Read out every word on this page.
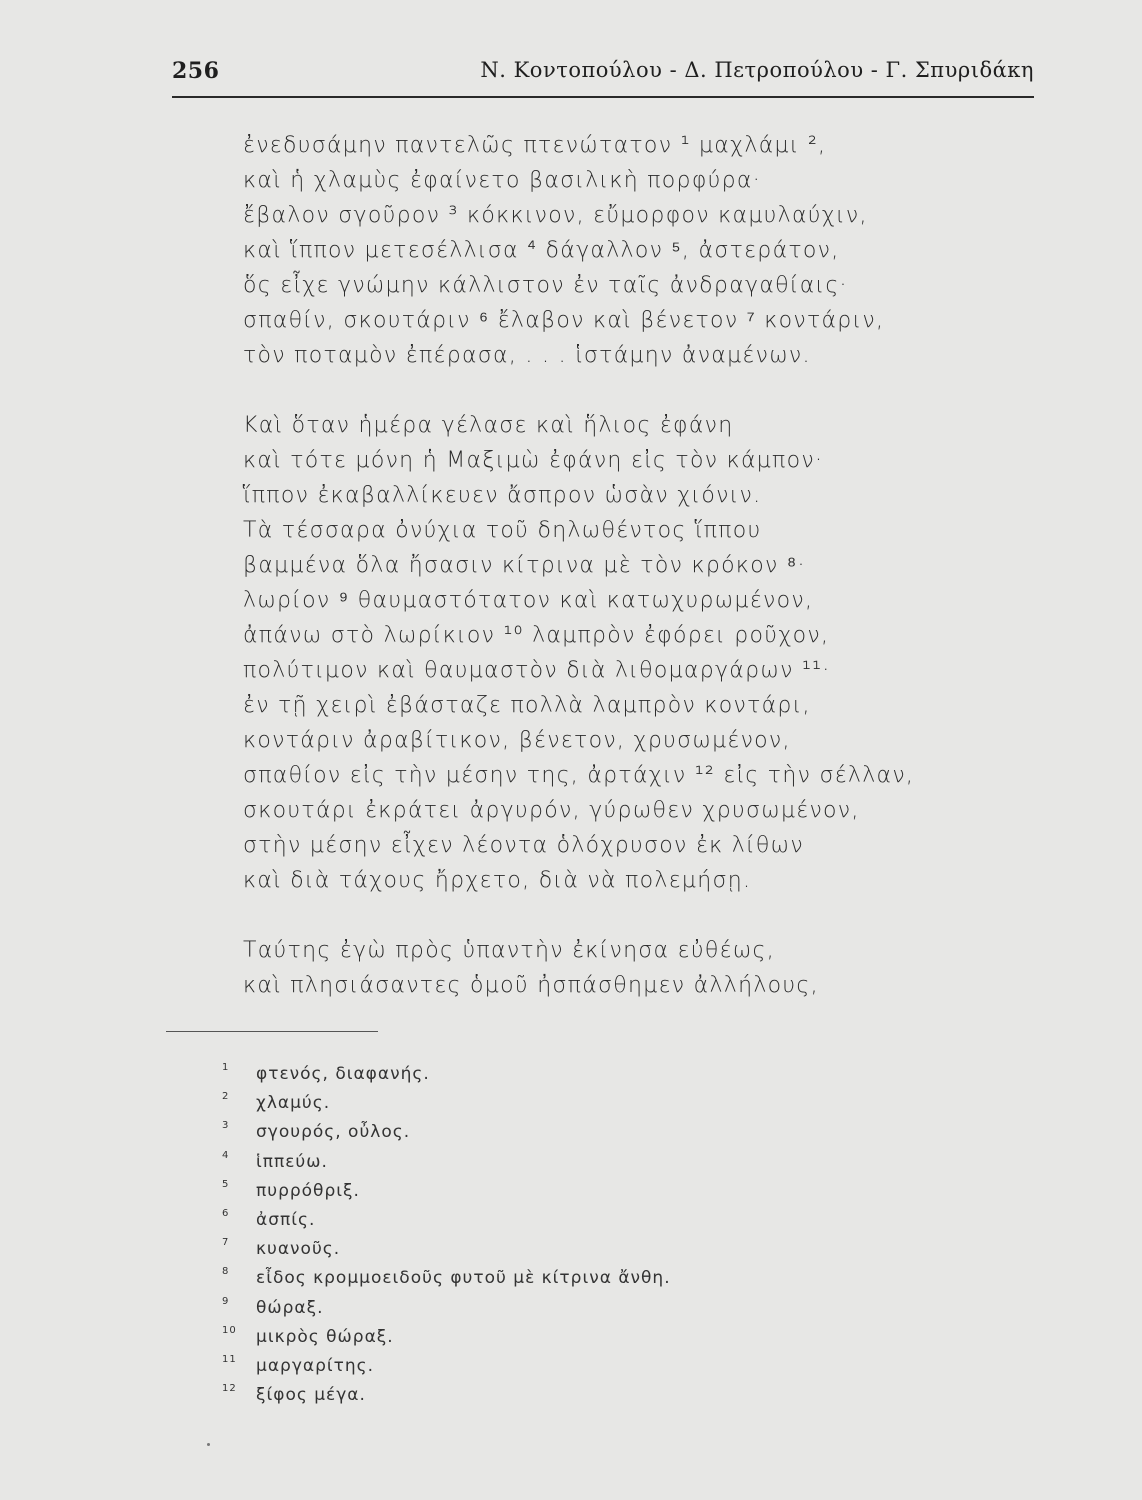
256	Ν. Κοντοπούλου - Δ. Πετροπούλου - Γ. Σπυριδάκη
ἐνεδυσάμην παντελῶς πτενώτατον ¹ μαχλάμι ²,
καὶ ἡ χλαμὺς ἐφαίνετο βασιλικὴ πορφύρα·
ἔβαλον σγοῦρον ³ κόκκινον, εὔμορφον καμυλαύχιν,
καὶ ἵππον μετεσέλλισα ⁴ δάγαλλον ⁵, ἀστεράτον,
ὅς εἶχε γνώμην κάλλιστον ἐν ταῖς ἀνδραγαθίαις·
σπαθίν, σκουτάριν ⁶ ἔλαβον καὶ βένετον ⁷ κοντάριν,
τὸν ποταμὸν ἐπέρασα, . . . ἱστάμην ἀναμένων.
Καὶ ὅταν ἡμέρα γέλασε καὶ ἥλιος ἐφάνη
καὶ τότε μόνη ἡ Μαξιμὼ ἐφάνη εἰς τὸν κάμπον·
ἵππον ἐκαβαλλίκευεν ἄσπρον ὡσὰν χιόνιν.
Τὰ τέσσαρα ὀνύχια τοῦ δηλωθέντος ἵππου
βαμμένα ὅλα ἤσασιν κίτρινα μὲ τὸν κρόκον ⁸·
λωρίον ⁹ θαυμαστότατον καὶ κατωχυρωμένον,
ἀπάνω στὸ λωρίκιον ¹⁰ λαμπρὸν ἐφόρει ροῦχον,
πολύτιμον καὶ θαυμαστὸν διὰ λιθομαργάρων ¹¹·
ἐν τῇ χειρὶ ἐβάσταζε πολλὰ λαμπρὸν κοντάρι,
κοντάριν ἀραβίτικον, βένετον, χρυσωμένον,
σπαθίον εἰς τὴν μέσην της, ἀρτάχιν ¹² εἰς τὴν σέλλαν,
σκουτάρι ἐκράτει ἀργυρόν, γύρωθεν χρυσωμένον,
στὴν μέσην εἶχεν λέοντα ὁλόχρυσον ἐκ λίθων
καὶ διὰ τάχους ἤρχετο, διὰ νὰ πολεμήσῃ.
Ταύτης ἐγὼ πρὸς ὑπαντὴν ἐκίνησα εὐθέως,
καὶ πλησιάσαντες ὁμοῦ ἠσπάσθημεν ἀλλήλους,
1 φτενός, διαφανής.
2 χλαμύς.
3 σγουρός, οὖλος.
4 ἱππεύω.
5 πυρρόθριξ.
6 ἀσπίς.
7 κυανοῦς.
8 εἶδος κρομμοειδοῦς φυτοῦ μὲ κίτρινα ἄνθη.
9 θώραξ.
10 μικρὸς θώραξ.
11 μαργαρίτης.
12 ξίφος μέγα.
